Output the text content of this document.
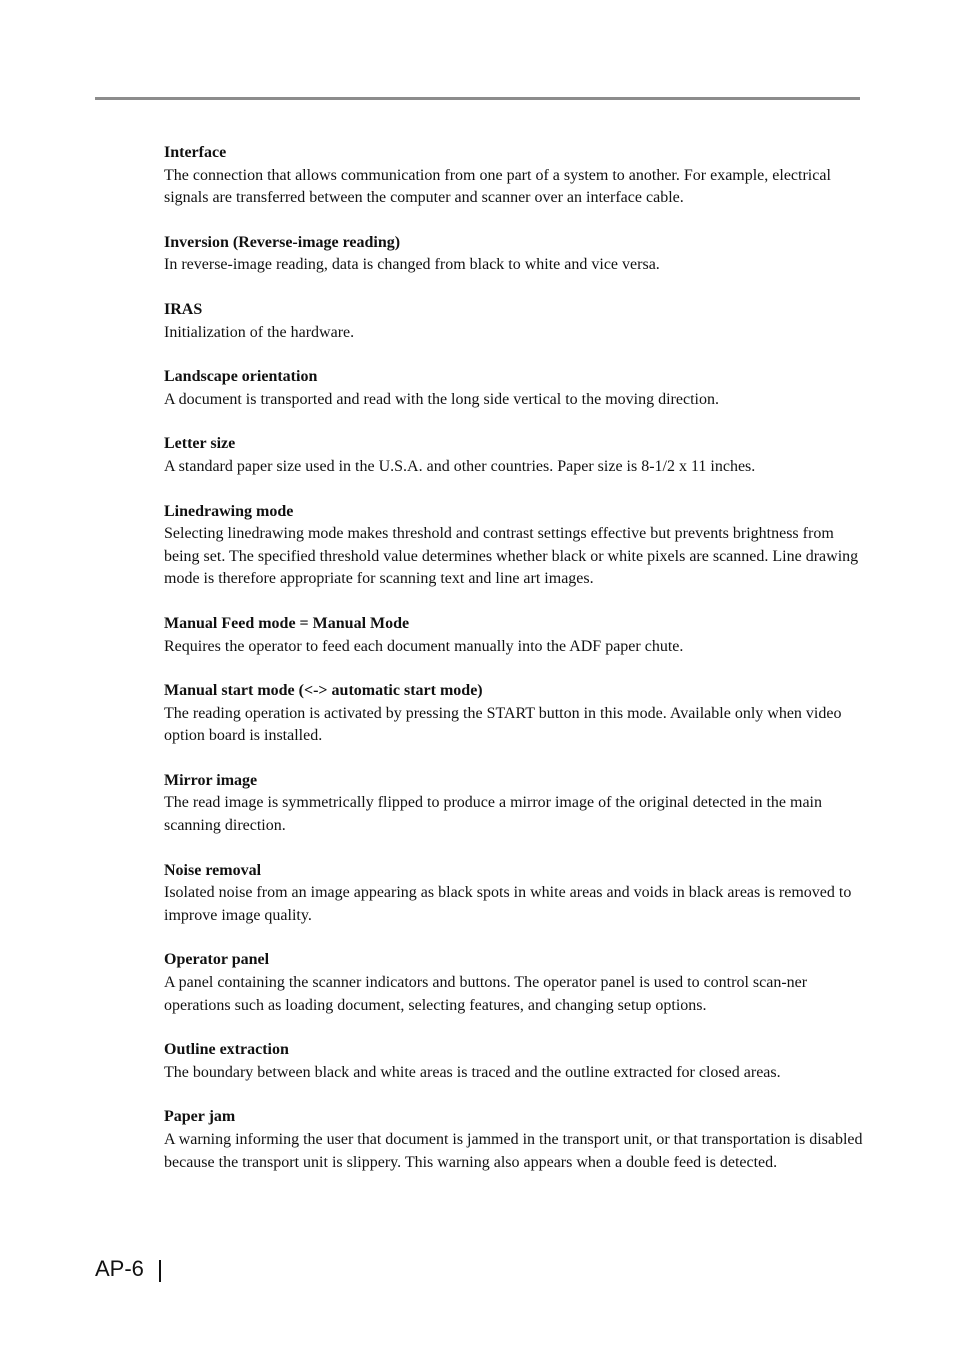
Interface

The connection that allows communication from one part of a system to another. For example, electrical signals are transferred between the computer and scanner over an interface cable.

Inversion (Reverse-image reading)

In reverse-image reading, data is changed from black to white and vice versa.

IRAS

Initialization of the hardware.

Landscape orientation

A document is transported and read with the long side vertical to the moving direction.

Letter size

A standard paper size used in the U.S.A. and other countries. Paper size is 8-1/2 x 11 inches.

Linedrawing mode

Selecting linedrawing mode makes threshold and contrast settings effective but prevents brightness from being set. The specified threshold value determines whether black or white pixels are scanned. Line drawing mode is therefore appropriate for scanning text and line art images.

Manual Feed mode = Manual Mode

Requires the operator to feed each document manually into the ADF paper chute.

Manual start mode (<-> automatic start mode)

The reading operation is activated by pressing the START button in this mode. Available only when video option board is installed.

Mirror image

The read image is symmetrically flipped to produce a mirror image of the original detected in the main scanning direction.

Noise removal

Isolated noise from an image appearing as black spots in white areas and voids in black areas is removed to improve image quality.

Operator panel

A panel containing the scanner indicators and buttons. The operator panel is used to control scan-ner operations such as loading document, selecting features, and changing setup options.

Outline extraction

The boundary between black and white areas is traced and the outline extracted for closed areas.

Paper jam

A warning informing the user that document is jammed in the transport unit, or that transportation is disabled because the transport unit is slippery. This warning also appears when a double feed is detected.

AP-6
